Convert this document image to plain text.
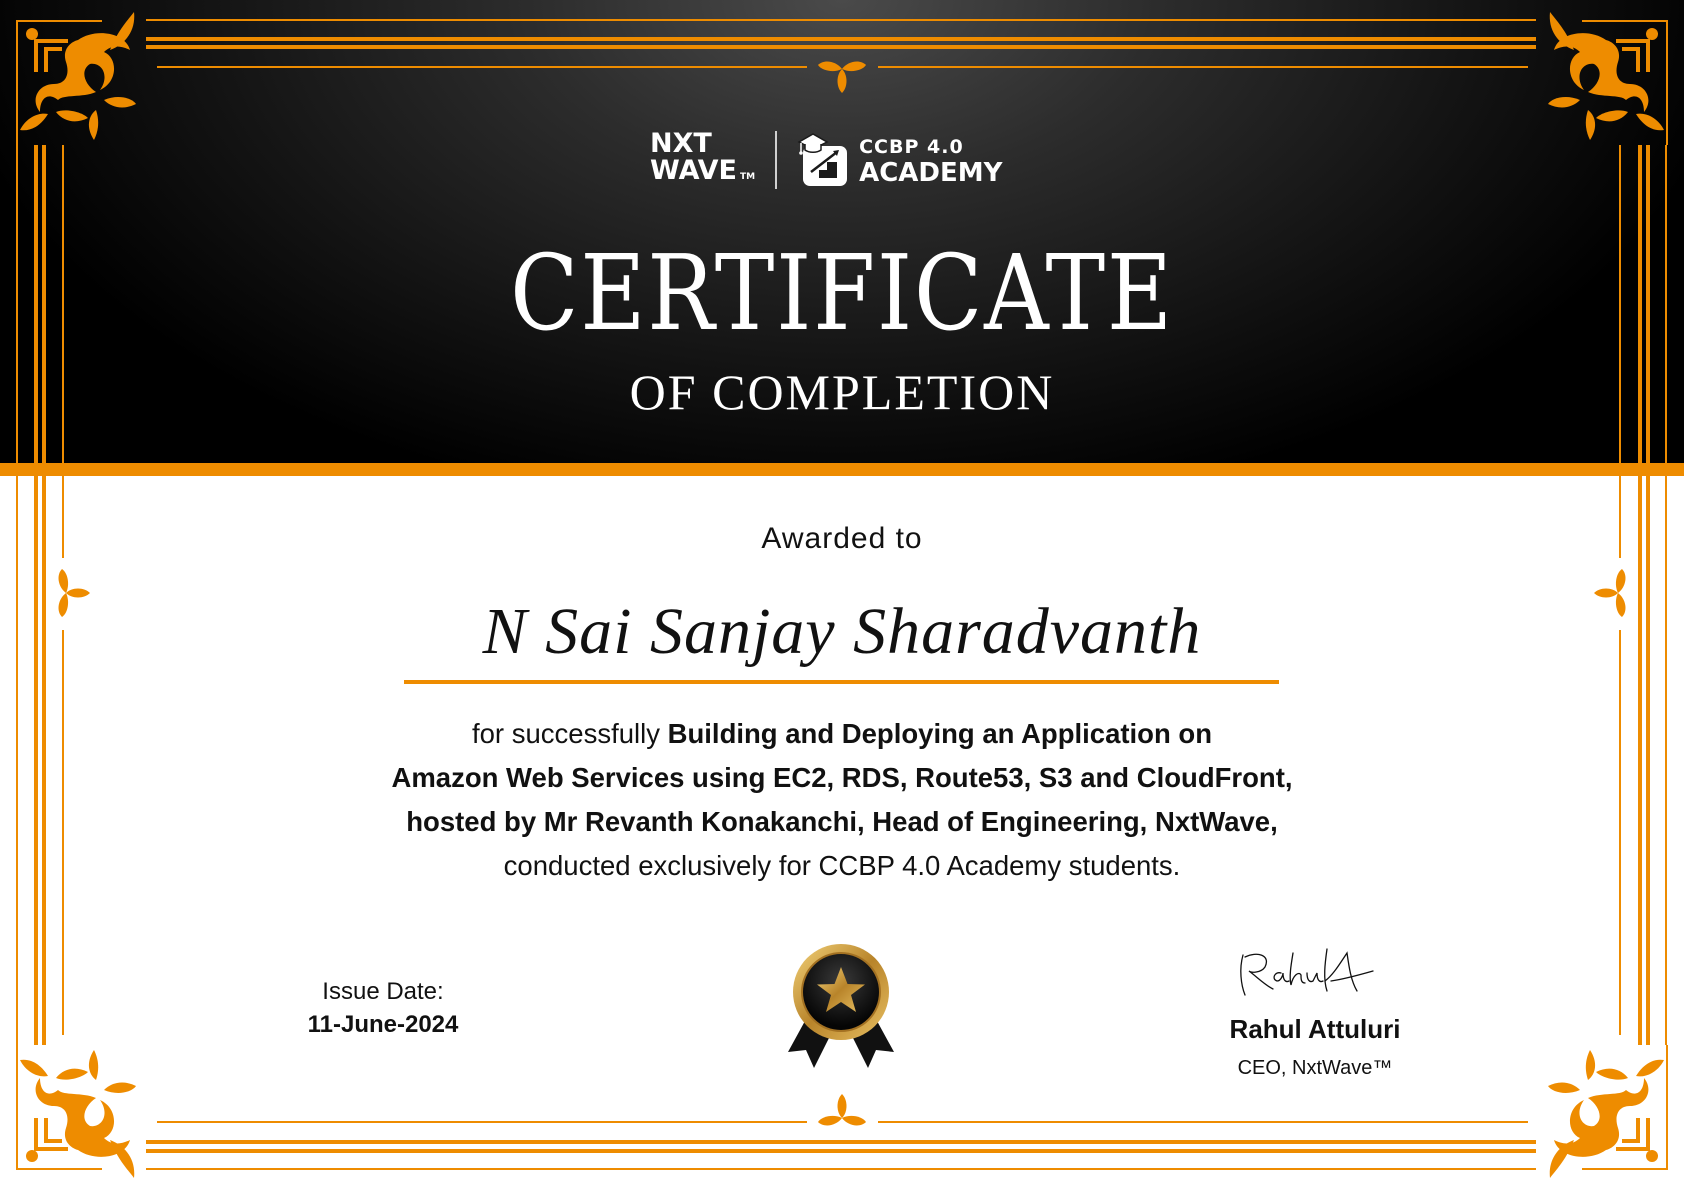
NXT
WAVE TM
CCBP 4.0
ACADEMY
CERTIFICATE
OF COMPLETION
Awarded to
N Sai Sanjay Sharadvanth
for successfully Building and Deploying an Application on
Amazon Web Services using EC2, RDS, Route53, S3 and CloudFront,
hosted by Mr Revanth Konakanchi, Head of Engineering, NxtWave,
conducted exclusively for CCBP 4.0 Academy students.
Issue Date:
11-June-2024	Rahul Attuluri
CEO, NxtWave™
